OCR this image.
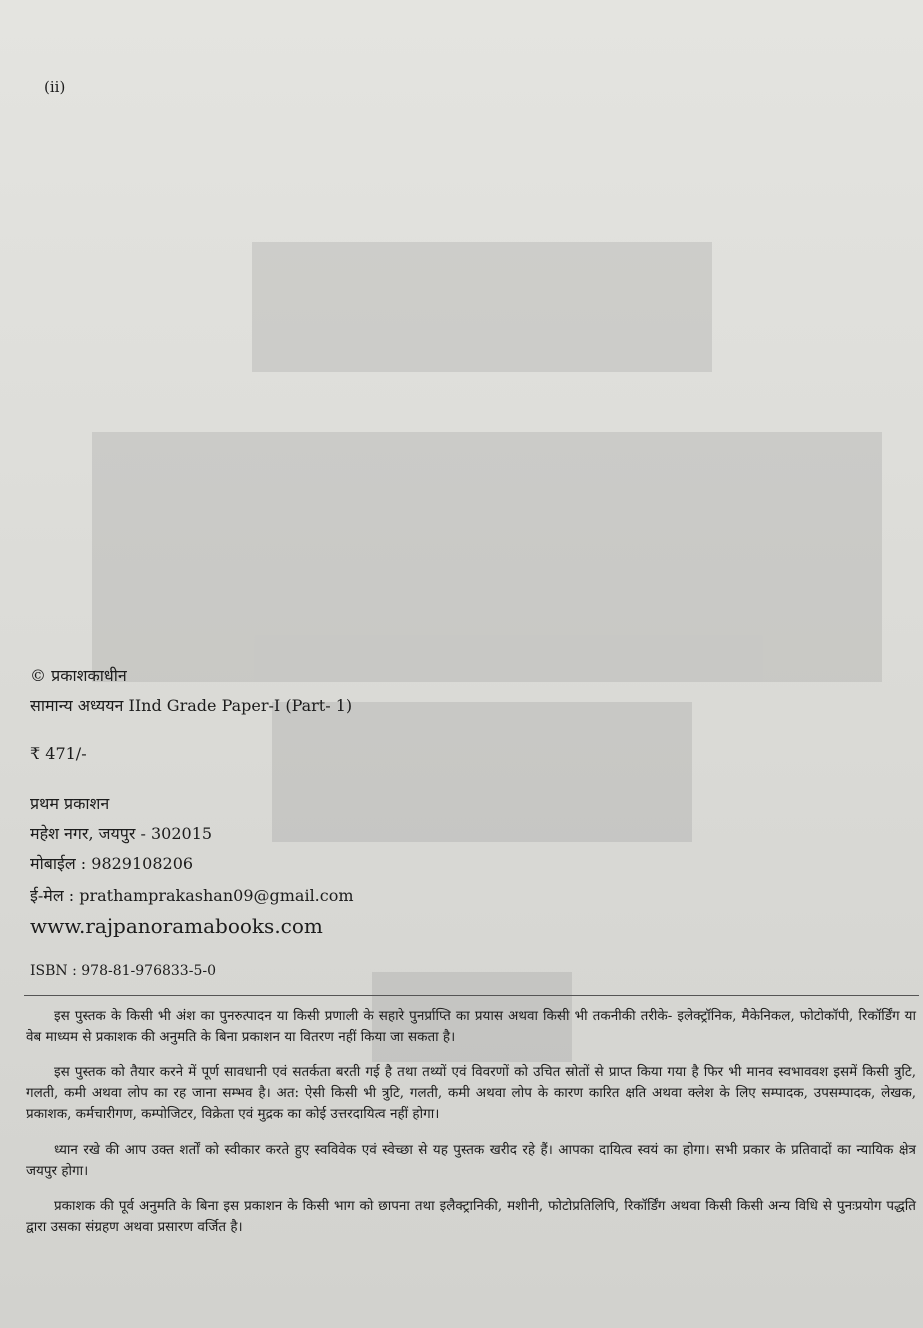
(ii)
© प्रकाशकाधीन
सामान्य अध्ययन IInd Grade Paper-I (Part- 1)
₹ 471/-
प्रथम प्रकाशन
महेश नगर, जयपुर - 302015
मोबाईल : 9829108206
ई-मेल : prathamprakashan09@gmail.com
www.rajpanoramabooks.com
ISBN : 978-81-976833-5-0
इस पुस्तक के किसी भी अंश का पुनरुत्पादन या किसी प्रणाली के सहारे पुनर्प्राप्ति का प्रयास अथवा किसी भी तकनीकी तरीके- इलेक्ट्रॉनिक, मैकेनिकल, फोटोकॉपी, रिकॉर्डिंग या वेब माध्यम से प्रकाशक की अनुमति के बिना प्रकाशन या वितरण नहीं किया जा सकता है।
इस पुस्तक को तैयार करने में पूर्ण सावधानी एवं सतर्कता बरती गई है तथा तथ्यों एवं विवरणों को उचित स्रोतों से प्राप्त किया गया है फिर भी मानव स्वभाववश इसमें किसी त्रुटि, गलती, कमी अथवा लोप का रह जाना सम्भव है। अत: ऐसी किसी भी त्रुटि, गलती, कमी अथवा लोप के कारण कारित क्षति अथवा क्लेश के लिए सम्पादक, उपसम्पादक, लेखक, प्रकाशक, कर्मचारीगण, कम्पोजिटर, विक्रेता एवं मुद्रक का कोई उत्तरदायित्व नहीं होगा।
ध्यान रखे की आप उक्त शर्तों को स्वीकार करते हुए स्वविवेक एवं स्वेच्छा से यह पुस्तक खरीद रहे हैं। आपका दायित्व स्वयं का होगा। सभी प्रकार के प्रतिवादों का न्यायिक क्षेत्र जयपुर होगा।
प्रकाशक की पूर्व अनुमति के बिना इस प्रकाशन के किसी भाग को छापना तथा इलैक्ट्रानिकी, मशीनी, फोटोप्रतिलिपि, रिकॉर्डिंग अथवा किसी किसी अन्य विधि से पुनःप्रयोग पद्धति द्वारा उसका संग्रहण अथवा प्रसारण वर्जित है।
